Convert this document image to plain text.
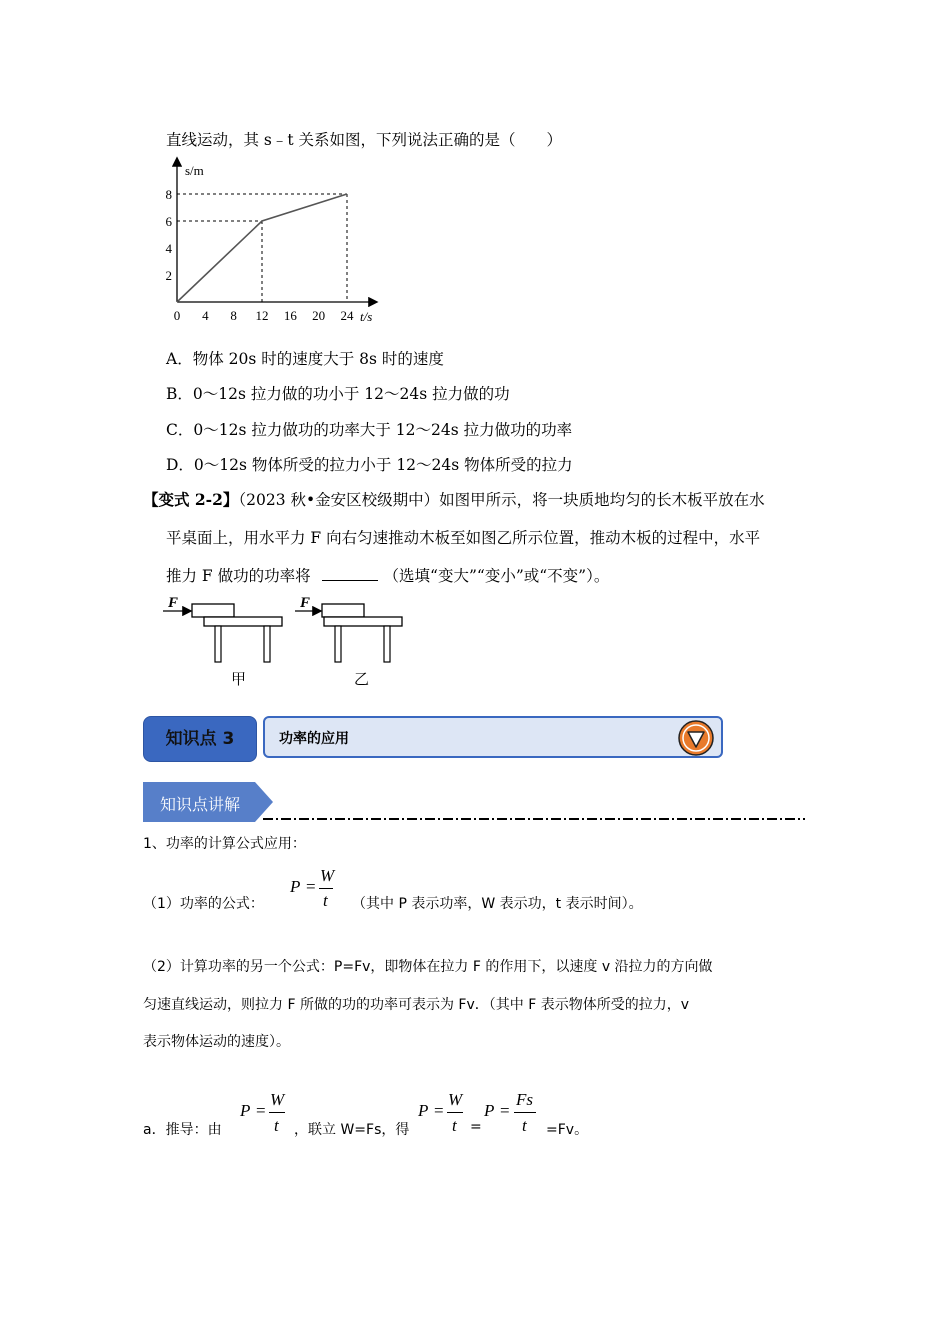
直线运动，其 s﹣t 关系如图，下列说法正确的是（　　）
s/m
t/s
0 4 8 12 16 20 24
2
4
6
8
A．物体 20s 时的速度大于 8s 时的速度
B．0～12s 拉力做的功小于 12～24s 拉力做的功
C．0～12s 拉力做功的功率大于 12～24s 拉力做功的功率
D．0～12s 物体所受的拉力小于 12～24s 物体所受的拉力
【变式 2-2】（2023 秋•金安区校级期中）如图甲所示，将一块质地均匀的长木板平放在水
平桌面上，用水平力 F 向右匀速推动木板至如图乙所示位置，推动木板的过程中，水平
推力 F 做功的功率将	（选填“变大”“变小”或“不变”）。
F
甲
F
乙
知识点 3	功率的应用
知识点讲解
1、功率的计算公式应用：
（1）功率的公式：
P =
W
t （其中 P 表示功率，W 表示功，t 表示时间）。
（2）计算功率的另一个公式：P=Fv，即物体在拉力 F 的作用下，以速度 v 沿拉力的方向做
匀速直线运动，则拉力 F 所做的功的功率可表示为 Fv．（其中 F 表示物体所受的拉力，v
表示物体运动的速度）。
a．推导：由
P =
W
t ，联立 W=Fs，得
P =
W
t =
P =
Fs
t =Fv。
